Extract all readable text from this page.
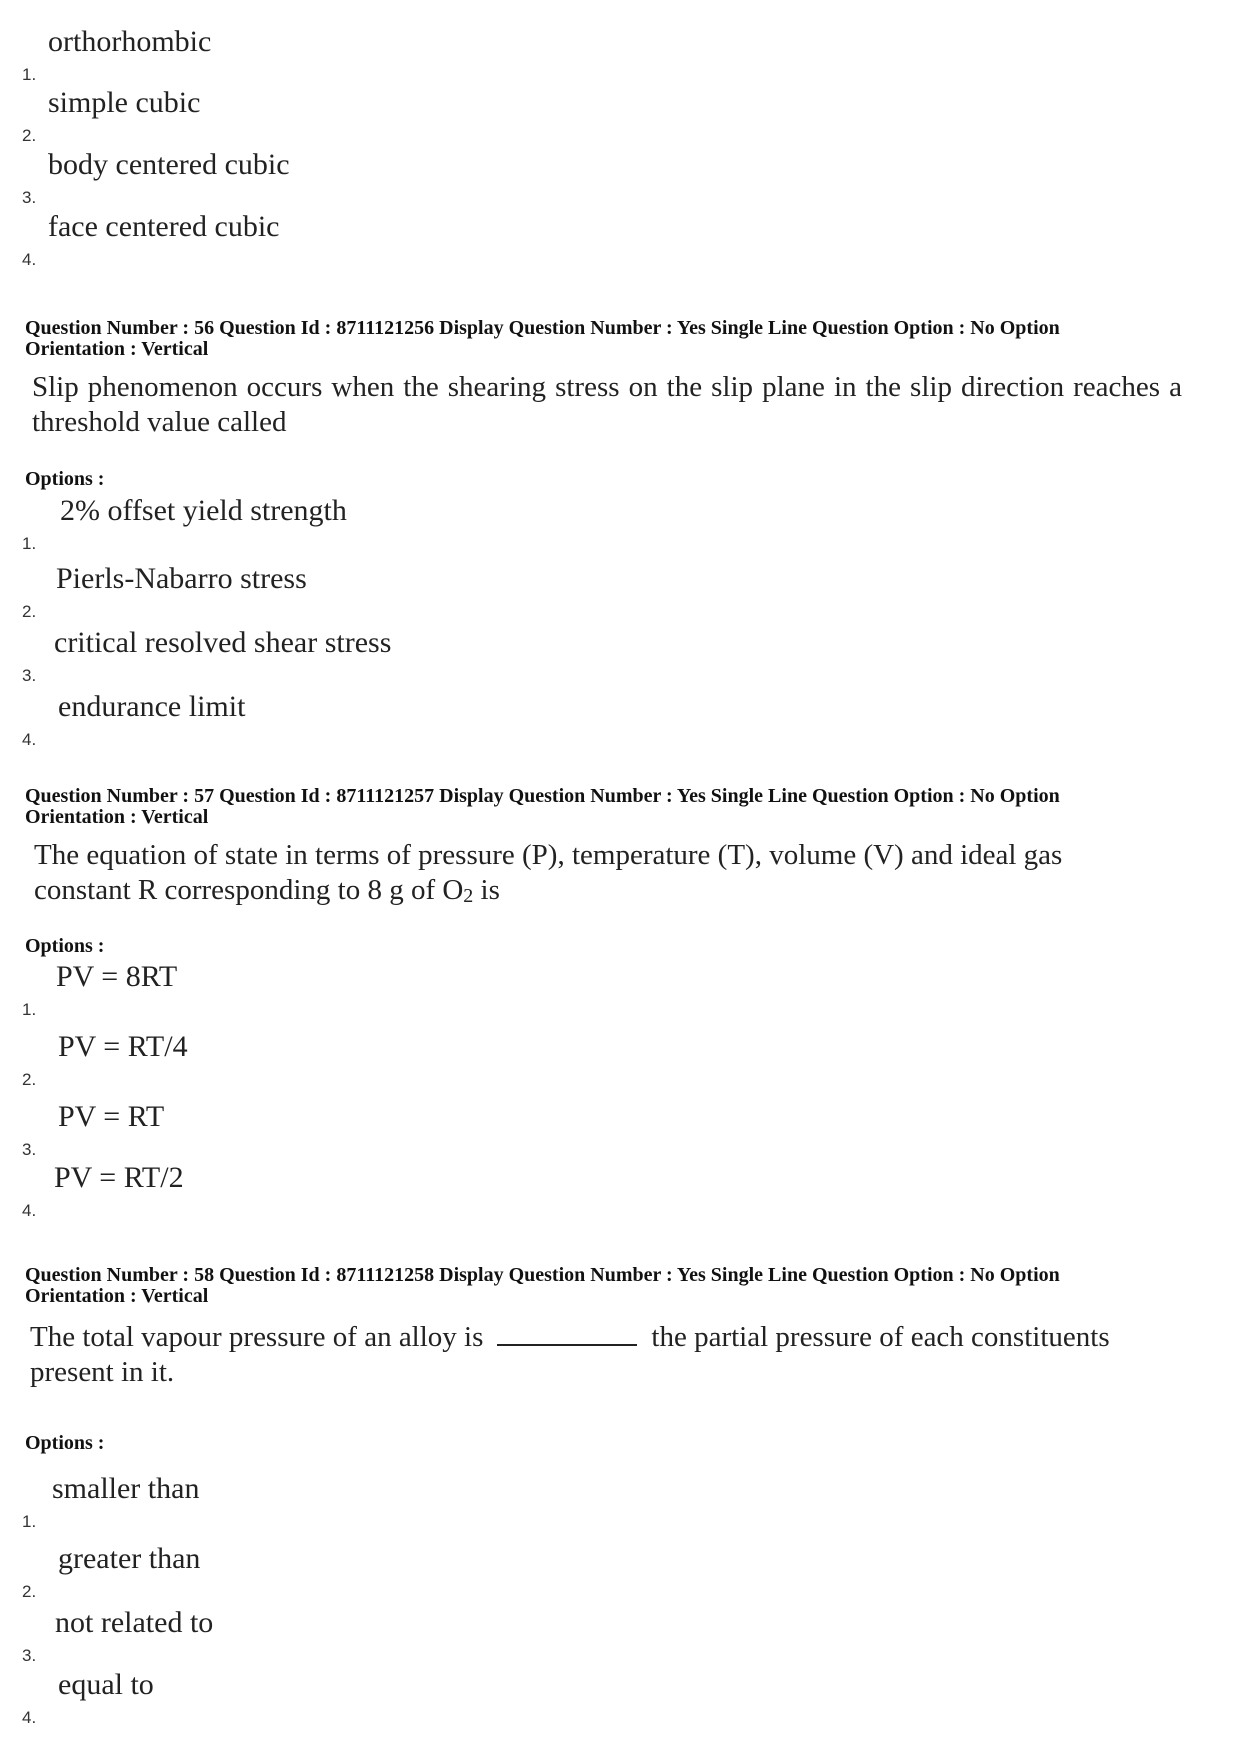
1.
orthorhombic
2.
simple cubic
3.
body centered cubic
4.
face centered cubic
Question Number : 56 Question Id : 8711121256 Display Question Number : Yes Single Line Question Option : No Option Orientation : Vertical
Slip phenomenon occurs when the shearing stress on the slip plane in the slip direction reaches a threshold value called
Options :
1.
2% offset yield strength
2.
Pierls-Nabarro stress
3.
critical resolved shear stress
4.
endurance limit
Question Number : 57 Question Id : 8711121257 Display Question Number : Yes Single Line Question Option : No Option Orientation : Vertical
The equation of state in terms of pressure (P), temperature (T), volume (V) and ideal gas
constant R corresponding to 8 g of $O_2$ is
Options :
1.
PV = 8RT
2.
PV = RT/4
3.
PV = RT
4.
PV = RT/2
Question Number : 58 Question Id : 8711121258 Display Question Number : Yes Single Line Question Option : No Option Orientation : Vertical
The total vapour pressure of an alloy is	the partial pressure of each constituents present in it.
Options :
1.
smaller than
2.
greater than
3.
not related to
4.
equal to
